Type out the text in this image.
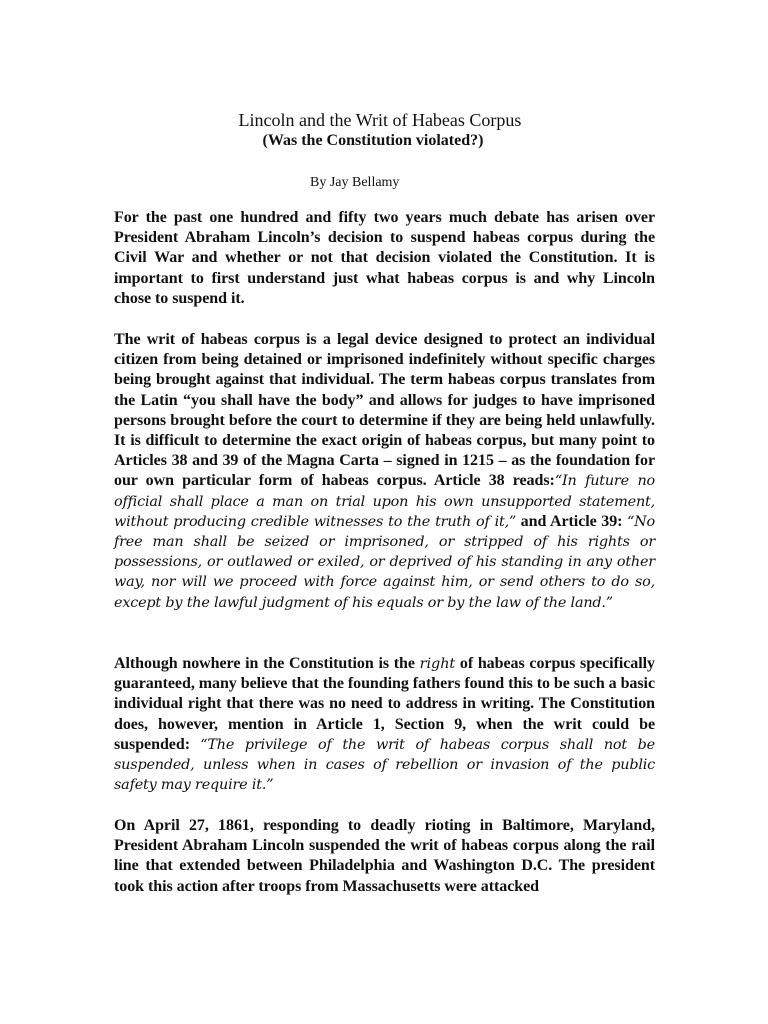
Lincoln and the Writ of Habeas Corpus
(Was the Constitution violated?)
By Jay Bellamy

For the past one hundred and fifty two years much debate has arisen over President Abraham Lincoln’s decision to suspend habeas corpus during the Civil War and whether or not that decision violated the Constitution. It is important to first understand just what habeas corpus is and why Lincoln chose to suspend it.

The writ of habeas corpus is a legal device designed to protect an individual citizen from being detained or imprisoned indefinitely without specific charges being brought against that individual. The term habeas corpus translates from the Latin “you shall have the body” and allows for judges to have imprisoned persons brought before the court to determine if they are being held unlawfully. It is difficult to determine the exact origin of habeas corpus, but many point to Articles 38 and 39 of the Magna Carta – signed in 1215 – as the foundation for our own particular form of habeas corpus. Article 38 reads:“In future no official shall place a man on trial upon his own unsupported statement, without producing credible witnesses to the truth of it,” and Article 39: “No free man shall be seized or imprisoned, or stripped of his rights or possessions, or outlawed or exiled, or deprived of his standing in any other way, nor will we proceed with force against him, or send others to do so, except by the lawful judgment of his equals or by the law of the land.”

Although nowhere in the Constitution is the right of habeas corpus specifically guaranteed, many believe that the founding fathers found this to be such a basic individual right that there was no need to address in writing. The Constitution does, however, mention in Article 1, Section 9, when the writ could be suspended: “The privilege of the writ of habeas corpus shall not be suspended, unless when in cases of rebellion or invasion of the public safety may require it.”

On April 27, 1861, responding to deadly rioting in Baltimore, Maryland, President Abraham Lincoln suspended the writ of habeas corpus along the rail line that extended between Philadelphia and Washington D.C. The president took this action after troops from Massachusetts were attacked
